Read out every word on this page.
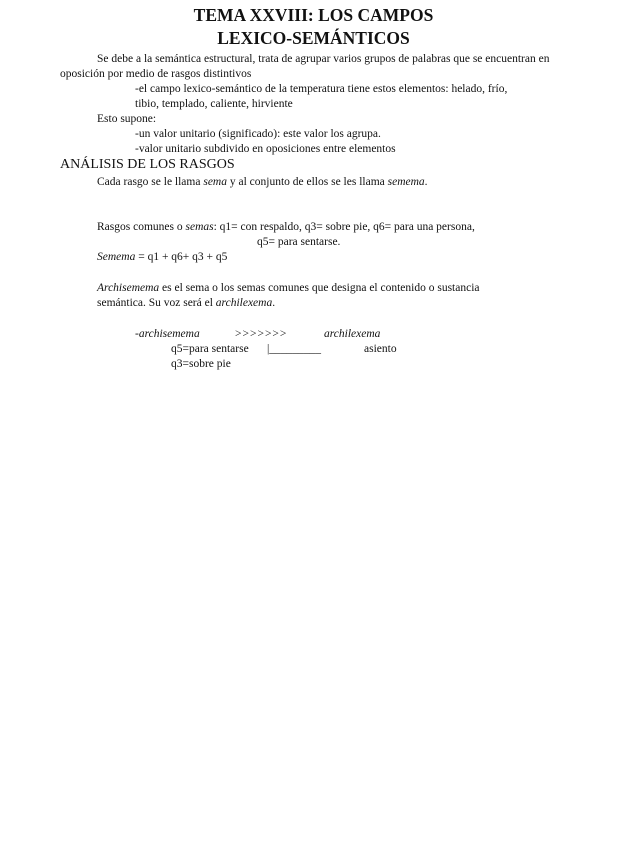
TEMA XXVIII: LOS CAMPOS
LEXICO-SEMÁNTICOS
Se debe a la semántica estructural, trata de agrupar varios grupos de palabras que se encuentran en
oposición por medio de rasgos distintivos
-el campo lexico-semántico de la temperatura tiene estos elementos: helado, frío,
tibio, templado, caliente, hirviente
Esto supone:
-un valor unitario (significado): este valor los agrupa.
-valor unitario subdivido en oposiciones entre elementos
ANÁLISIS DE LOS RASGOS
Cada rasgo se le llama sema y al conjunto de ellos se les llama semema.
Rasgos comunes o semas: q1= con respaldo, q3= sobre pie, q6= para una persona,
q5= para sentarse.
Semema = q1 + q6+ q3 + q5
Archisemema es el sema o los semas comunes que designa el contenido o sustancia
semántica. Su voz será el archilexema.
-archisemema	>>>>>>>	archilexema
q5=para sentarse |_________	asiento
q3=sobre pie
